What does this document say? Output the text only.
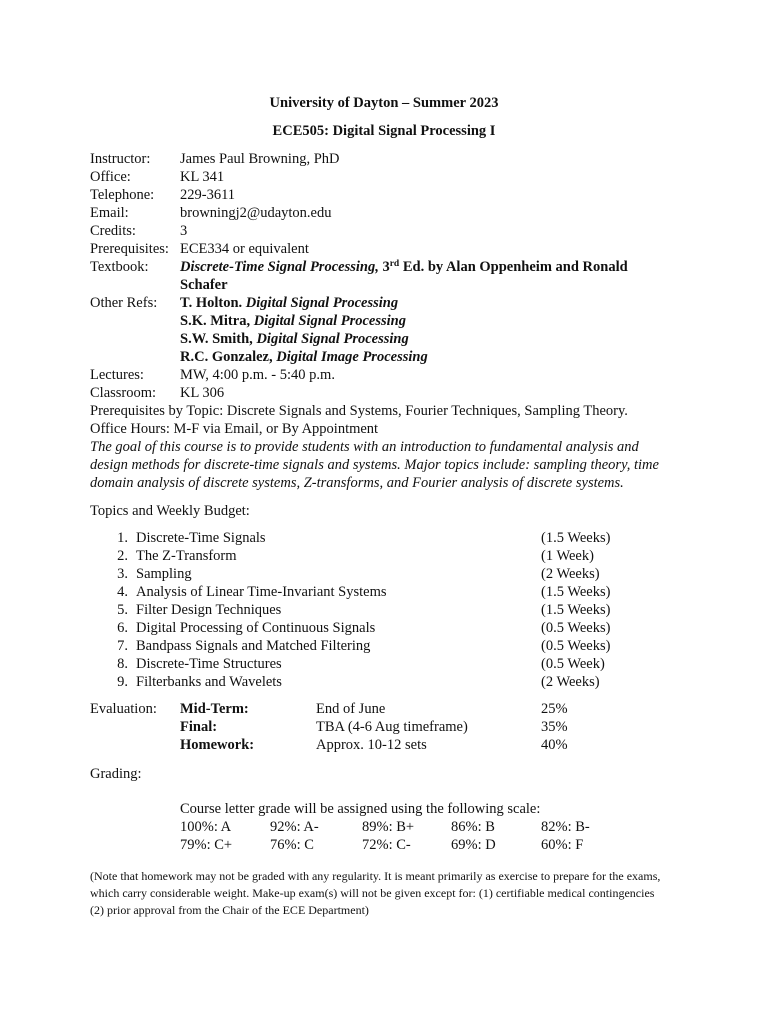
University of Dayton – Summer 2023
ECE505: Digital Signal Processing I
Instructor: James Paul Browning, PhD
Office:	KL 341
Telephone: 229-3611
Email:	browningj2@udayton.edu
Credits:	3
Prerequisites: ECE334 or equivalent
Textbook: Discrete-Time Signal Processing, 3rd Ed. by Alan Oppenheim and Ronald
Schafer
Other Refs: T. Holton. Digital Signal Processing
S.K. Mitra, Digital Signal Processing
S.W. Smith, Digital Signal Processing
R.C. Gonzalez, Digital Image Processing
Lectures: MW, 4:00 p.m. - 5:40 p.m.
Classroom: KL 306
Prerequisites by Topic: Discrete Signals and Systems, Fourier Techniques, Sampling Theory.
Office Hours: M-F via Email, or By Appointment
The goal of this course is to provide students with an introduction to fundamental analysis and
design methods for discrete-time signals and systems. Major topics include: sampling theory, time
domain analysis of discrete systems, Z-transforms, and Fourier analysis of discrete systems.
Topics and Weekly Budget:
1. Discrete-Time Signals	(1.5 Weeks)
2. The Z-Transform	(1 Week)
3. Sampling	(2 Weeks)
4. Analysis of Linear Time-Invariant Systems	(1.5 Weeks)
5. Filter Design Techniques	(1.5 Weeks)
6. Digital Processing of Continuous Signals	(0.5 Weeks)
7. Bandpass Signals and Matched Filtering	(0.5 Weeks)
8. Discrete-Time Structures	(0.5 Week)
9. Filterbanks and Wavelets	(2 Weeks)
Evaluation: Mid-Term:	End of June	25%
Final:	TBA (4-6 Aug timeframe)	35%
Homework:	Approx. 10-12 sets	40%
Grading:
Course letter grade will be assigned using the following scale:
100%: A	92%: A-	89%: B+	86%: B	82%: B-
79%: C+	76%: C	72%: C-	69%: D	60%: F
(Note that homework may not be graded with any regularity. It is meant primarily as exercise to prepare for the exams,
which carry considerable weight. Make-up exam(s) will not be given except for: (1) certifiable medical contingencies
(2) prior approval from the Chair of the ECE Department)
